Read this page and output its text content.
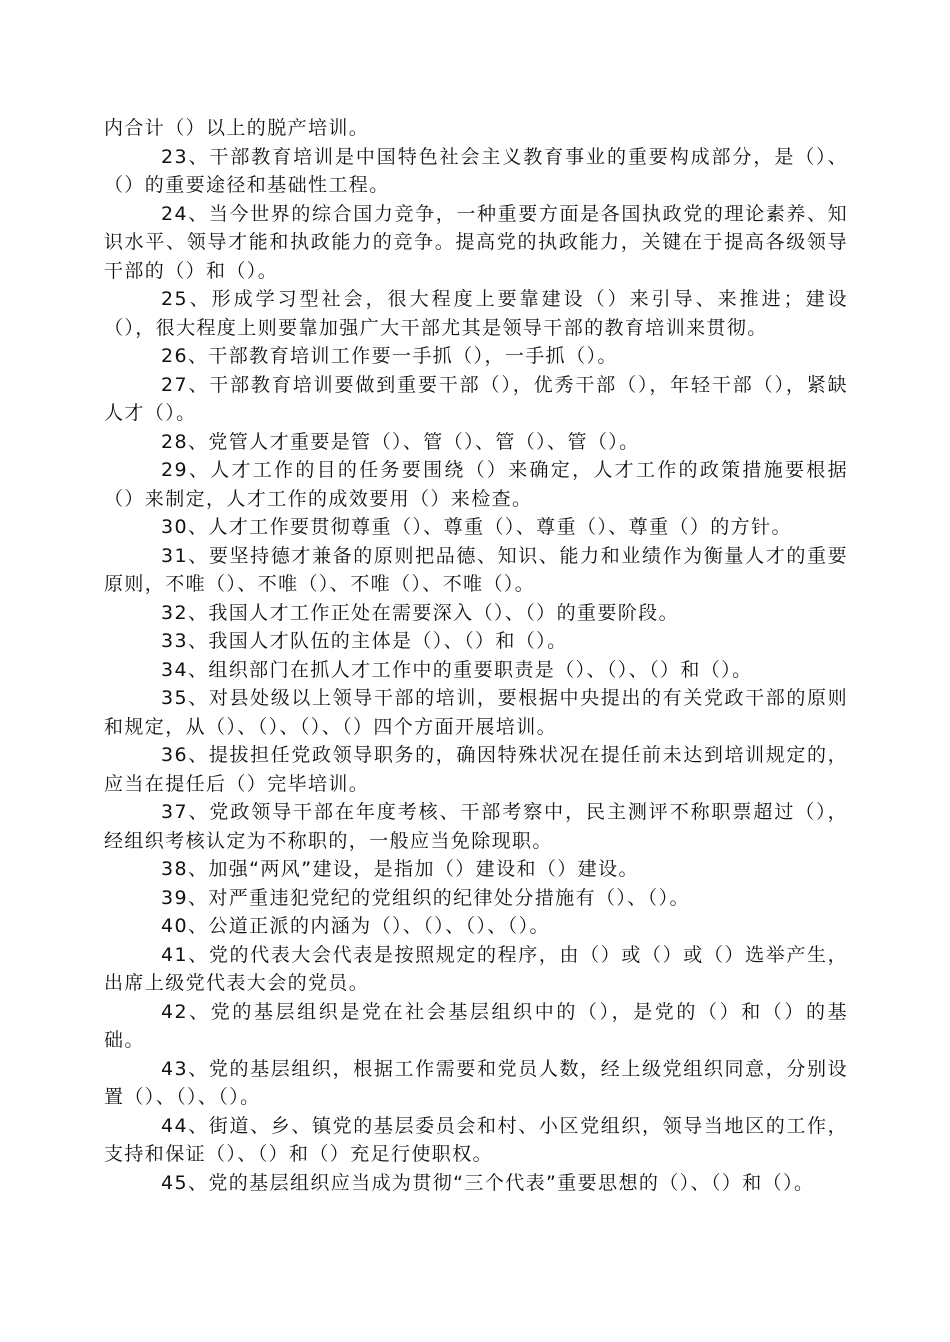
内合计（）以上的脱产培训。

23、干部教育培训是中国特色社会主义教育事业的重要构成部分，是（）、（）的重要途径和基础性工程。

24、当今世界的综合国力竞争，一种重要方面是各国执政党的理论素养、知识水平、领导才能和执政能力的竞争。提高党的执政能力，关键在于提高各级领导干部的（）和（）。

25、形成学习型社会，很大程度上要靠建设（）来引导、来推进；建设（），很大程度上则要靠加强广大干部尤其是领导干部的教育培训来贯彻。

26、干部教育培训工作要一手抓（），一手抓（）。

27、干部教育培训要做到重要干部（），优秀干部（），年轻干部（），紧缺人才（）。

28、党管人才重要是管（）、管（）、管（）、管（）。

29、人才工作的目的任务要围绕（）来确定，人才工作的政策措施要根据（）来制定，人才工作的成效要用（）来检查。

30、人才工作要贯彻尊重（）、尊重（）、尊重（）、尊重（）的方针。

31、要坚持德才兼备的原则把品德、知识、能力和业绩作为衡量人才的重要原则，不唯（）、不唯（）、不唯（）、不唯（）。

32、我国人才工作正处在需要深入（）、（）的重要阶段。

33、我国人才队伍的主体是（）、（）和（）。

34、组织部门在抓人才工作中的重要职责是（）、（）、（）和（）。

35、对县处级以上领导干部的培训，要根据中央提出的有关党政干部的原则和规定，从（）、（）、（）、（）四个方面开展培训。

36、提拔担任党政领导职务的，确因特殊状况在提任前未达到培训规定的，应当在提任后（）完毕培训。

37、党政领导干部在年度考核、干部考察中，民主测评不称职票超过（），经组织考核认定为不称职的，一般应当免除现职。

38、加强“两风”建设，是指加（）建设和（）建设。

39、对严重违犯党纪的党组织的纪律处分措施有（）、（）。

40、公道正派的内涵为（）、（）、（）、（）。

41、党的代表大会代表是按照规定的程序，由（）或（）或（）选举产生，出席上级党代表大会的党员。

42、党的基层组织是党在社会基层组织中的（），是党的（）和（）的基础。

43、党的基层组织，根据工作需要和党员人数，经上级党组织同意，分别设置（）、（）、（）。

44、街道、乡、镇党的基层委员会和村、小区党组织，领导当地区的工作，支持和保证（）、（）和（）充足行使职权。

45、党的基层组织应当成为贯彻“三个代表”重要思想的（）、（）和（）。
